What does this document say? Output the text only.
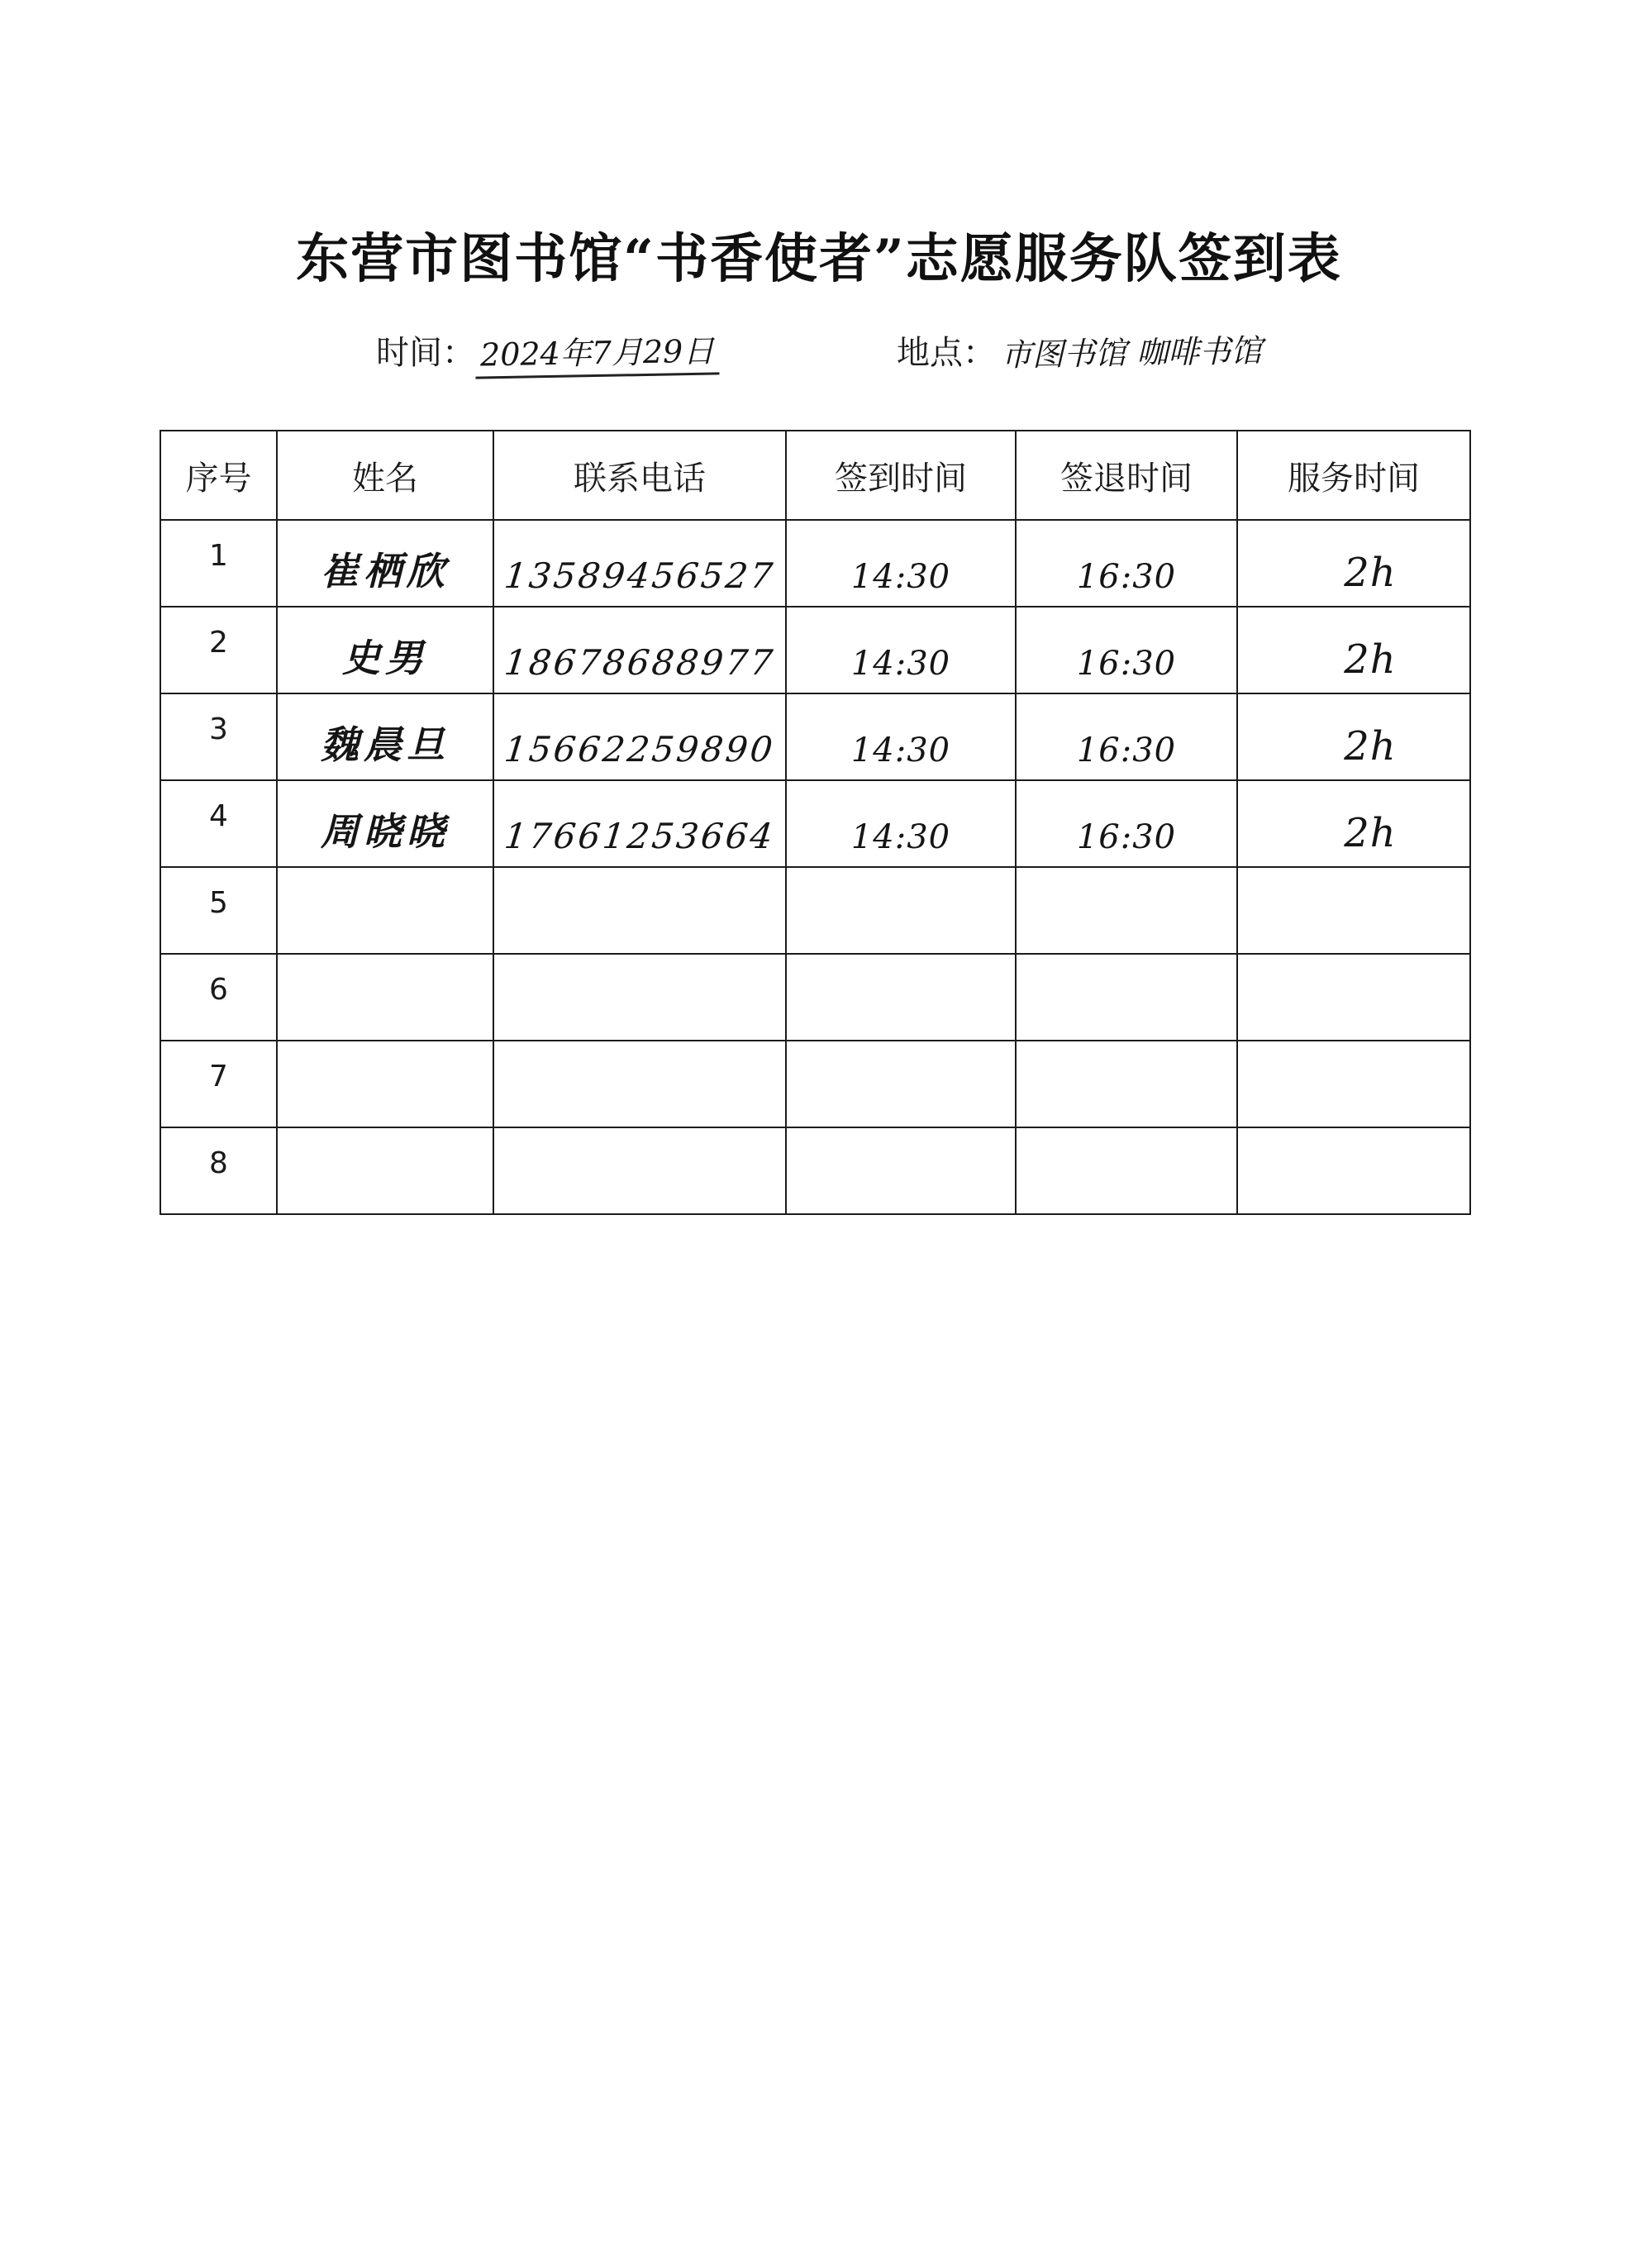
东营市图书馆“书香使者”志愿服务队签到表
时间： 2024年7月29日	地点： 市图书馆 咖啡书馆
序号	姓名	联系电话	签到时间	签退时间	服务时间

1	崔栖欣	13589456527	14:30	16:30	2h

2	史男	18678688977	14:30	16:30	2h

3	魏晨旦	15662259890	14:30	16:30	2h

4	周晓晓	17661253664	14:30	16:30	2h

5					

6					

7					

8					
